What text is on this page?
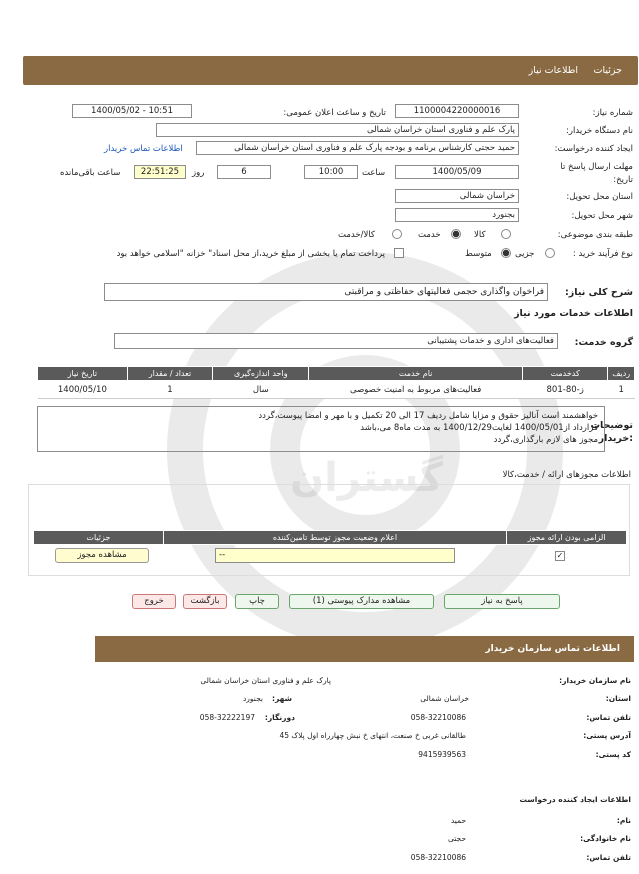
گستران
جزئیات
اطلاعات نیاز
شماره نیاز:
1100004220000016
تاریخ و ساعت اعلان عمومی:
1400/05/02 - 10:51
نام دستگاه خریدار:
پارک علم و فناوری استان خراسان شمالی
ایجاد کننده درخواست:
حمید حجتی کارشناس برنامه و بودجه پارک علم و فناوری استان خراسان شمالی
اطلاعات تماس خریدار
مهلت ارسال پاسخ تا
تاریخ:
1400/05/09
ساعت
10:00
6
روز
22:51:25
ساعت باقی‌مانده
استان محل تحویل:
خراسان شمالی
شهر محل تحویل:
بجنورد
طبقه بندی موضوعی:
کالا
خدمت
کالا/خدمت
نوع فرآیند خرید :
جزیی
متوسط
پرداخت تمام یا بخشی از مبلغ خرید،از محل اسناد" خزانه "اسلامی خواهد بود
شرح کلی نیاز:
فراخوان واگذاری حجمی فعالیتهای حفاظتی و مراقبتی
اطلاعات خدمات مورد نیاز
گروه خدمت:
فعالیت‌های اداری و خدمات پشتیبانی
ردیف	کدخدمت	نام خدمت	واحد اندازه‌گیری	تعداد / مقدار	تاریخ نیاز
1	ز-80-801	فعالیت‌های مربوط به امنیت خصوصی	سال	1	1400/05/10
توضیحات
:خریدار
خواهشمند است آنالیز حقوق و مزایا شامل ردیف 17 الی 20 تکمیل و با مهر و امضا پیوست،گردد
قرارداد از1400/05/01 لغایت1400/12/29 به مدت ماه8 می،باشد
مجوز های لازم بارگذاری،گردد
اطلاعات مجوزهای ارائه / خدمت،کالا
الزامی بودن ارائه مجوز	اعلام وضعیت مجوز توسط تامین‌کننده	جزئیات
✓
--
مشاهده مجوز
پاسخ به نیاز
مشاهده مدارک پیوستی (1)
چاپ
بازگشت
خروج
اطلاعات تماس سازمان خریدار
نام سازمان خریدار:
پارک علم و فناوری استان خراسان شمالی
استان:
خراسان شمالی
شهر:
بجنورد
تلفن تماس:
058-32210086
دورنگار:
058-32222197
آدرس پستی:
طالقانی غربی خ صنعت، انتهای خ نبش چهارراه اول پلاک 45
کد پستی:
9415939563
اطلاعات ایجاد کننده درخواست
نام:
حمید
نام خانوادگی:
حجتی
تلفن تماس:
058-32210086
